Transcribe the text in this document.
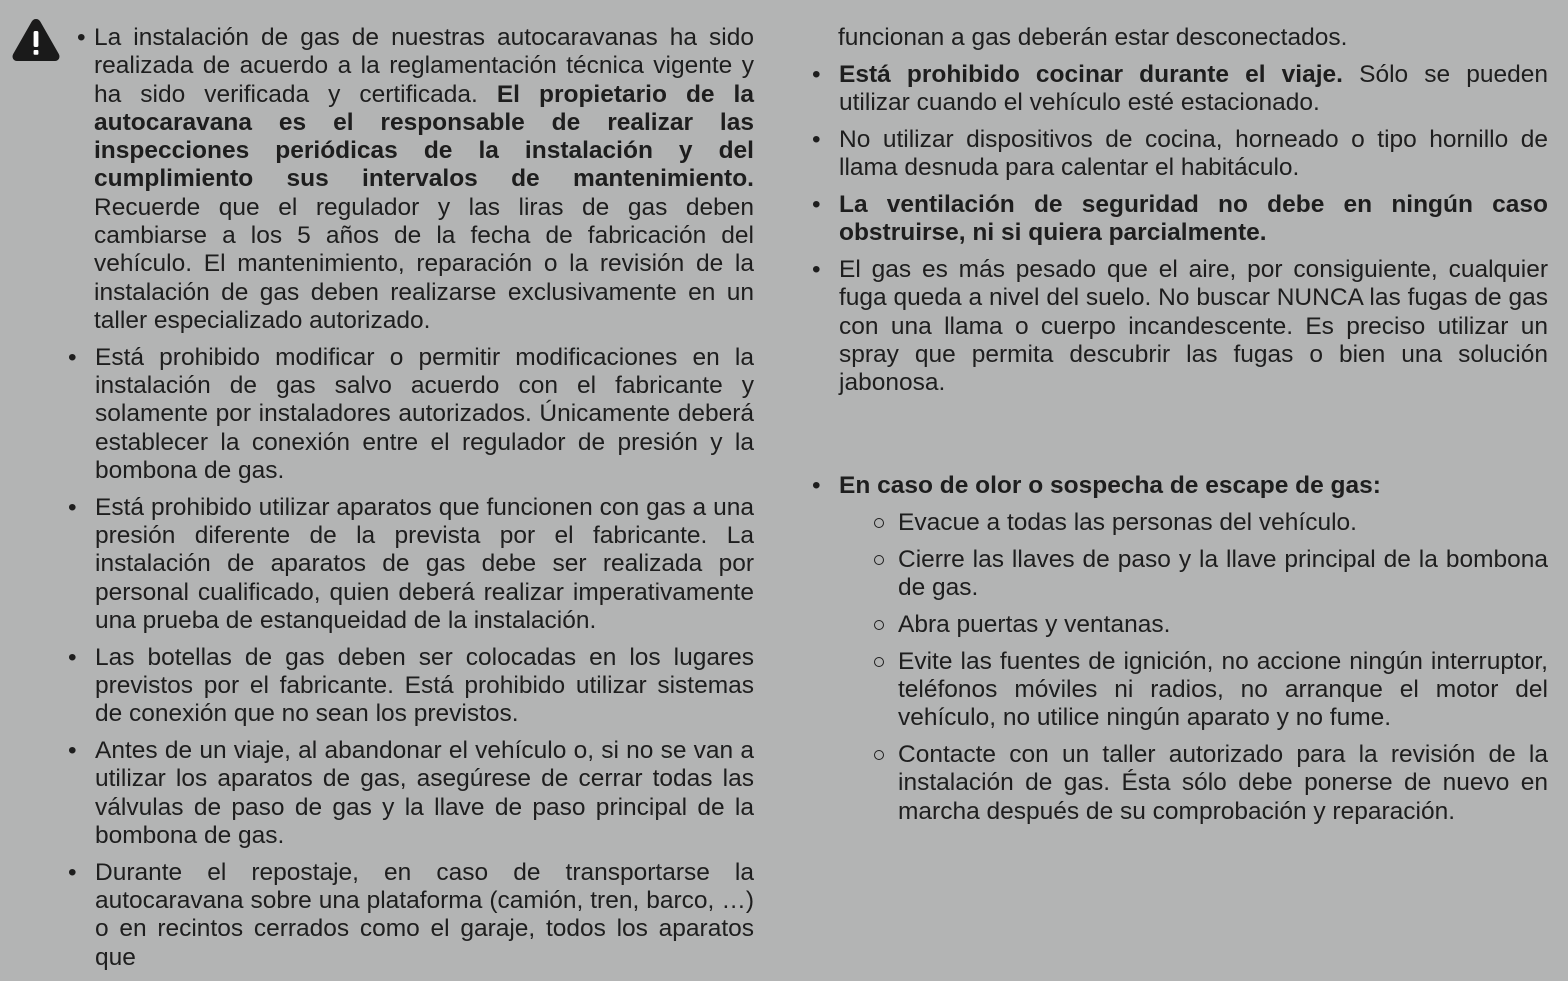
• La instalación de gas de nuestras autocaravanas ha sido realizada de acuerdo a la reglamentación técnica vigente y ha sido verificada y certificada. El propietario de la autocaravana es el responsable de realizar las inspecciones periódicas de la instalación y del cumplimiento sus intervalos de mantenimiento. Recuerde que el regulador y las liras de gas deben cambiarse a los 5 años de la fecha de fabricación del vehículo. El mantenimiento, reparación o la revisión de la instalación de gas deben realizarse exclusivamente en un taller especializado autorizado.

• Está prohibido modificar o permitir modificaciones en la instalación de gas salvo acuerdo con el fabricante y solamente por instaladores autorizados. Únicamente deberá establecer la conexión entre el regulador de presión y la bombona de gas.

• Está prohibido utilizar aparatos que funcionen con gas a una presión diferente de la prevista por el fabricante. La instalación de aparatos de gas debe ser realizada por personal cualificado, quien deberá realizar imperativamente una prueba de estanqueidad de la instalación.

• Las botellas de gas deben ser colocadas en los lugares previstos por el fabricante. Está prohibido utilizar sistemas de conexión que no sean los previstos.

• Antes de un viaje, al abandonar el vehículo o, si no se van a utilizar los aparatos de gas, asegúrese de cerrar todas las válvulas de paso de gas y la llave de paso principal de la bombona de gas.

• Durante el repostaje, en caso de transportarse la autocaravana sobre una plataforma (camión, tren, barco, …) o en recintos cerrados como el garaje, todos los aparatos que

funcionan a gas deberán estar desconectados.

• Está prohibido cocinar durante el viaje. Sólo se pueden utilizar cuando el vehículo esté estacionado.

• No utilizar dispositivos de cocina, horneado o tipo hornillo de llama desnuda para calentar el habitáculo.

• La ventilación de seguridad no debe en ningún caso obstruirse, ni si quiera parcialmente.

• El gas es más pesado que el aire, por consiguiente, cualquier fuga queda a nivel del suelo. No buscar NUNCA las fugas de gas con una llama o cuerpo incandescente. Es preciso utilizar un spray que permita descubrir las fugas o bien una solución jabonosa.

• En caso de olor o sospecha de escape de gas:

Evacue a todas las personas del vehículo.

Cierre las llaves de paso y la llave principal de la bombona de gas.

Abra puertas y ventanas.

Evite las fuentes de ignición, no accione ningún interruptor, teléfonos móviles ni radios, no arranque el motor del vehículo, no utilice ningún aparato y no fume.

Contacte con un taller autorizado para la revisión de la instalación de gas. Ésta sólo debe ponerse de nuevo en marcha después de su comprobación y reparación.
